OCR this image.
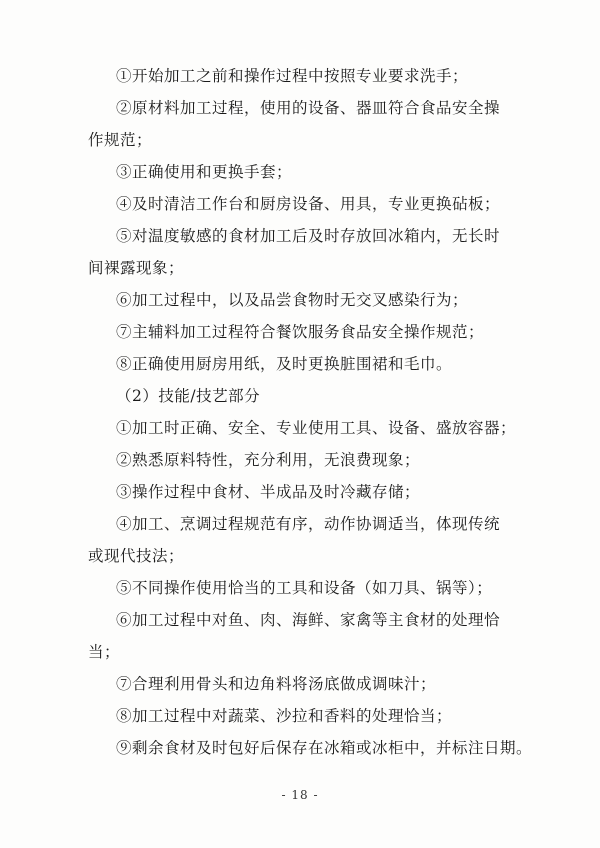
①开始加工之前和操作过程中按照专业要求洗手；
②原材料加工过程，使用的设备、器皿符合食品安全操
作规范；
③正确使用和更换手套；
④及时清洁工作台和厨房设备、用具，专业更换砧板；
⑤对温度敏感的食材加工后及时存放回冰箱内，无长时
间裸露现象；
⑥加工过程中，以及品尝食物时无交叉感染行为；
⑦主辅料加工过程符合餐饮服务食品安全操作规范；
⑧正确使用厨房用纸，及时更换脏围裙和毛巾。
（2）技能/技艺部分
①加工时正确、安全、专业使用工具、设备、盛放容器；
②熟悉原料特性，充分利用，无浪费现象；
③操作过程中食材、半成品及时冷藏存储；
④加工、烹调过程规范有序，动作协调适当，体现传统
或现代技法；
⑤不同操作使用恰当的工具和设备（如刀具、锅等）；
⑥加工过程中对鱼、肉、海鲜、家禽等主食材的处理恰
当；
⑦合理利用骨头和边角料将汤底做成调味汁；
⑧加工过程中对蔬菜、沙拉和香料的处理恰当；
⑨剩余食材及时包好后保存在冰箱或冰柜中，并标注日期。
- 18 -
